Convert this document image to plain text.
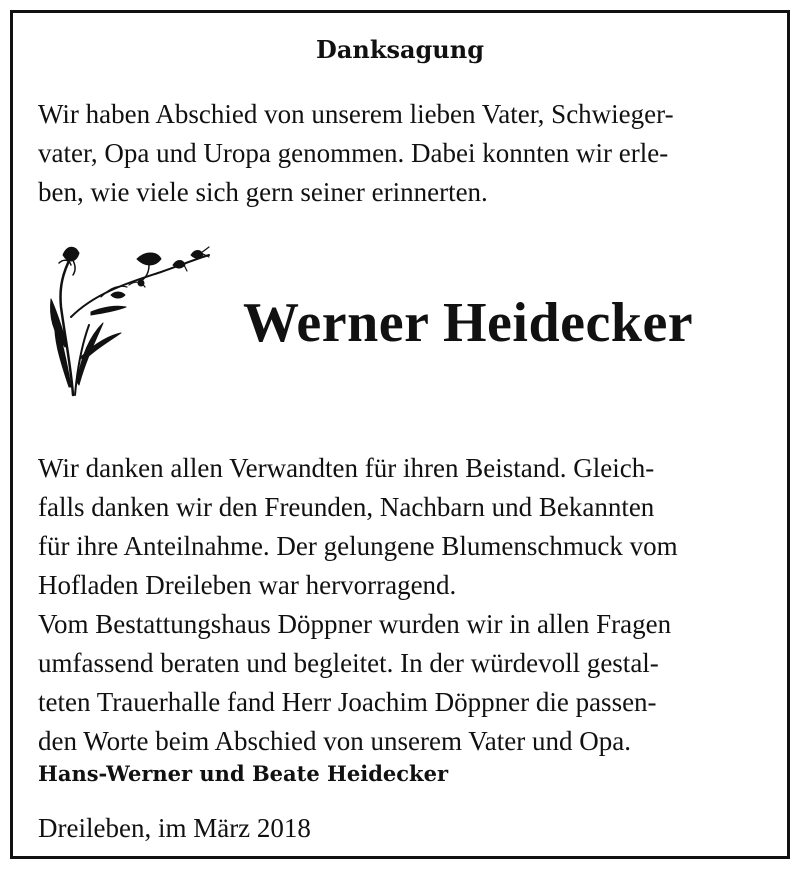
Danksagung

Wir haben Abschied von unserem lieben Vater, Schwieger-
vater, Opa und Uropa genommen. Dabei konnten wir erle-
ben, wie viele sich gern seiner erinnerten.

Werner Heidecker

Wir danken allen Verwandten für ihren Beistand. Gleich-
falls danken wir den Freunden, Nachbarn und Bekannten
für ihre Anteilnahme. Der gelungene Blumenschmuck vom
Hofladen Dreileben war hervorragend.
Vom Bestattungshaus Döppner wurden wir in allen Fragen
umfassend beraten und begleitet. In der würdevoll gestal-
teten Trauerhalle fand Herr Joachim Döppner die passen-
den Worte beim Abschied von unserem Vater und Opa.

Hans-Werner und Beate Heidecker

Dreileben, im März 2018
